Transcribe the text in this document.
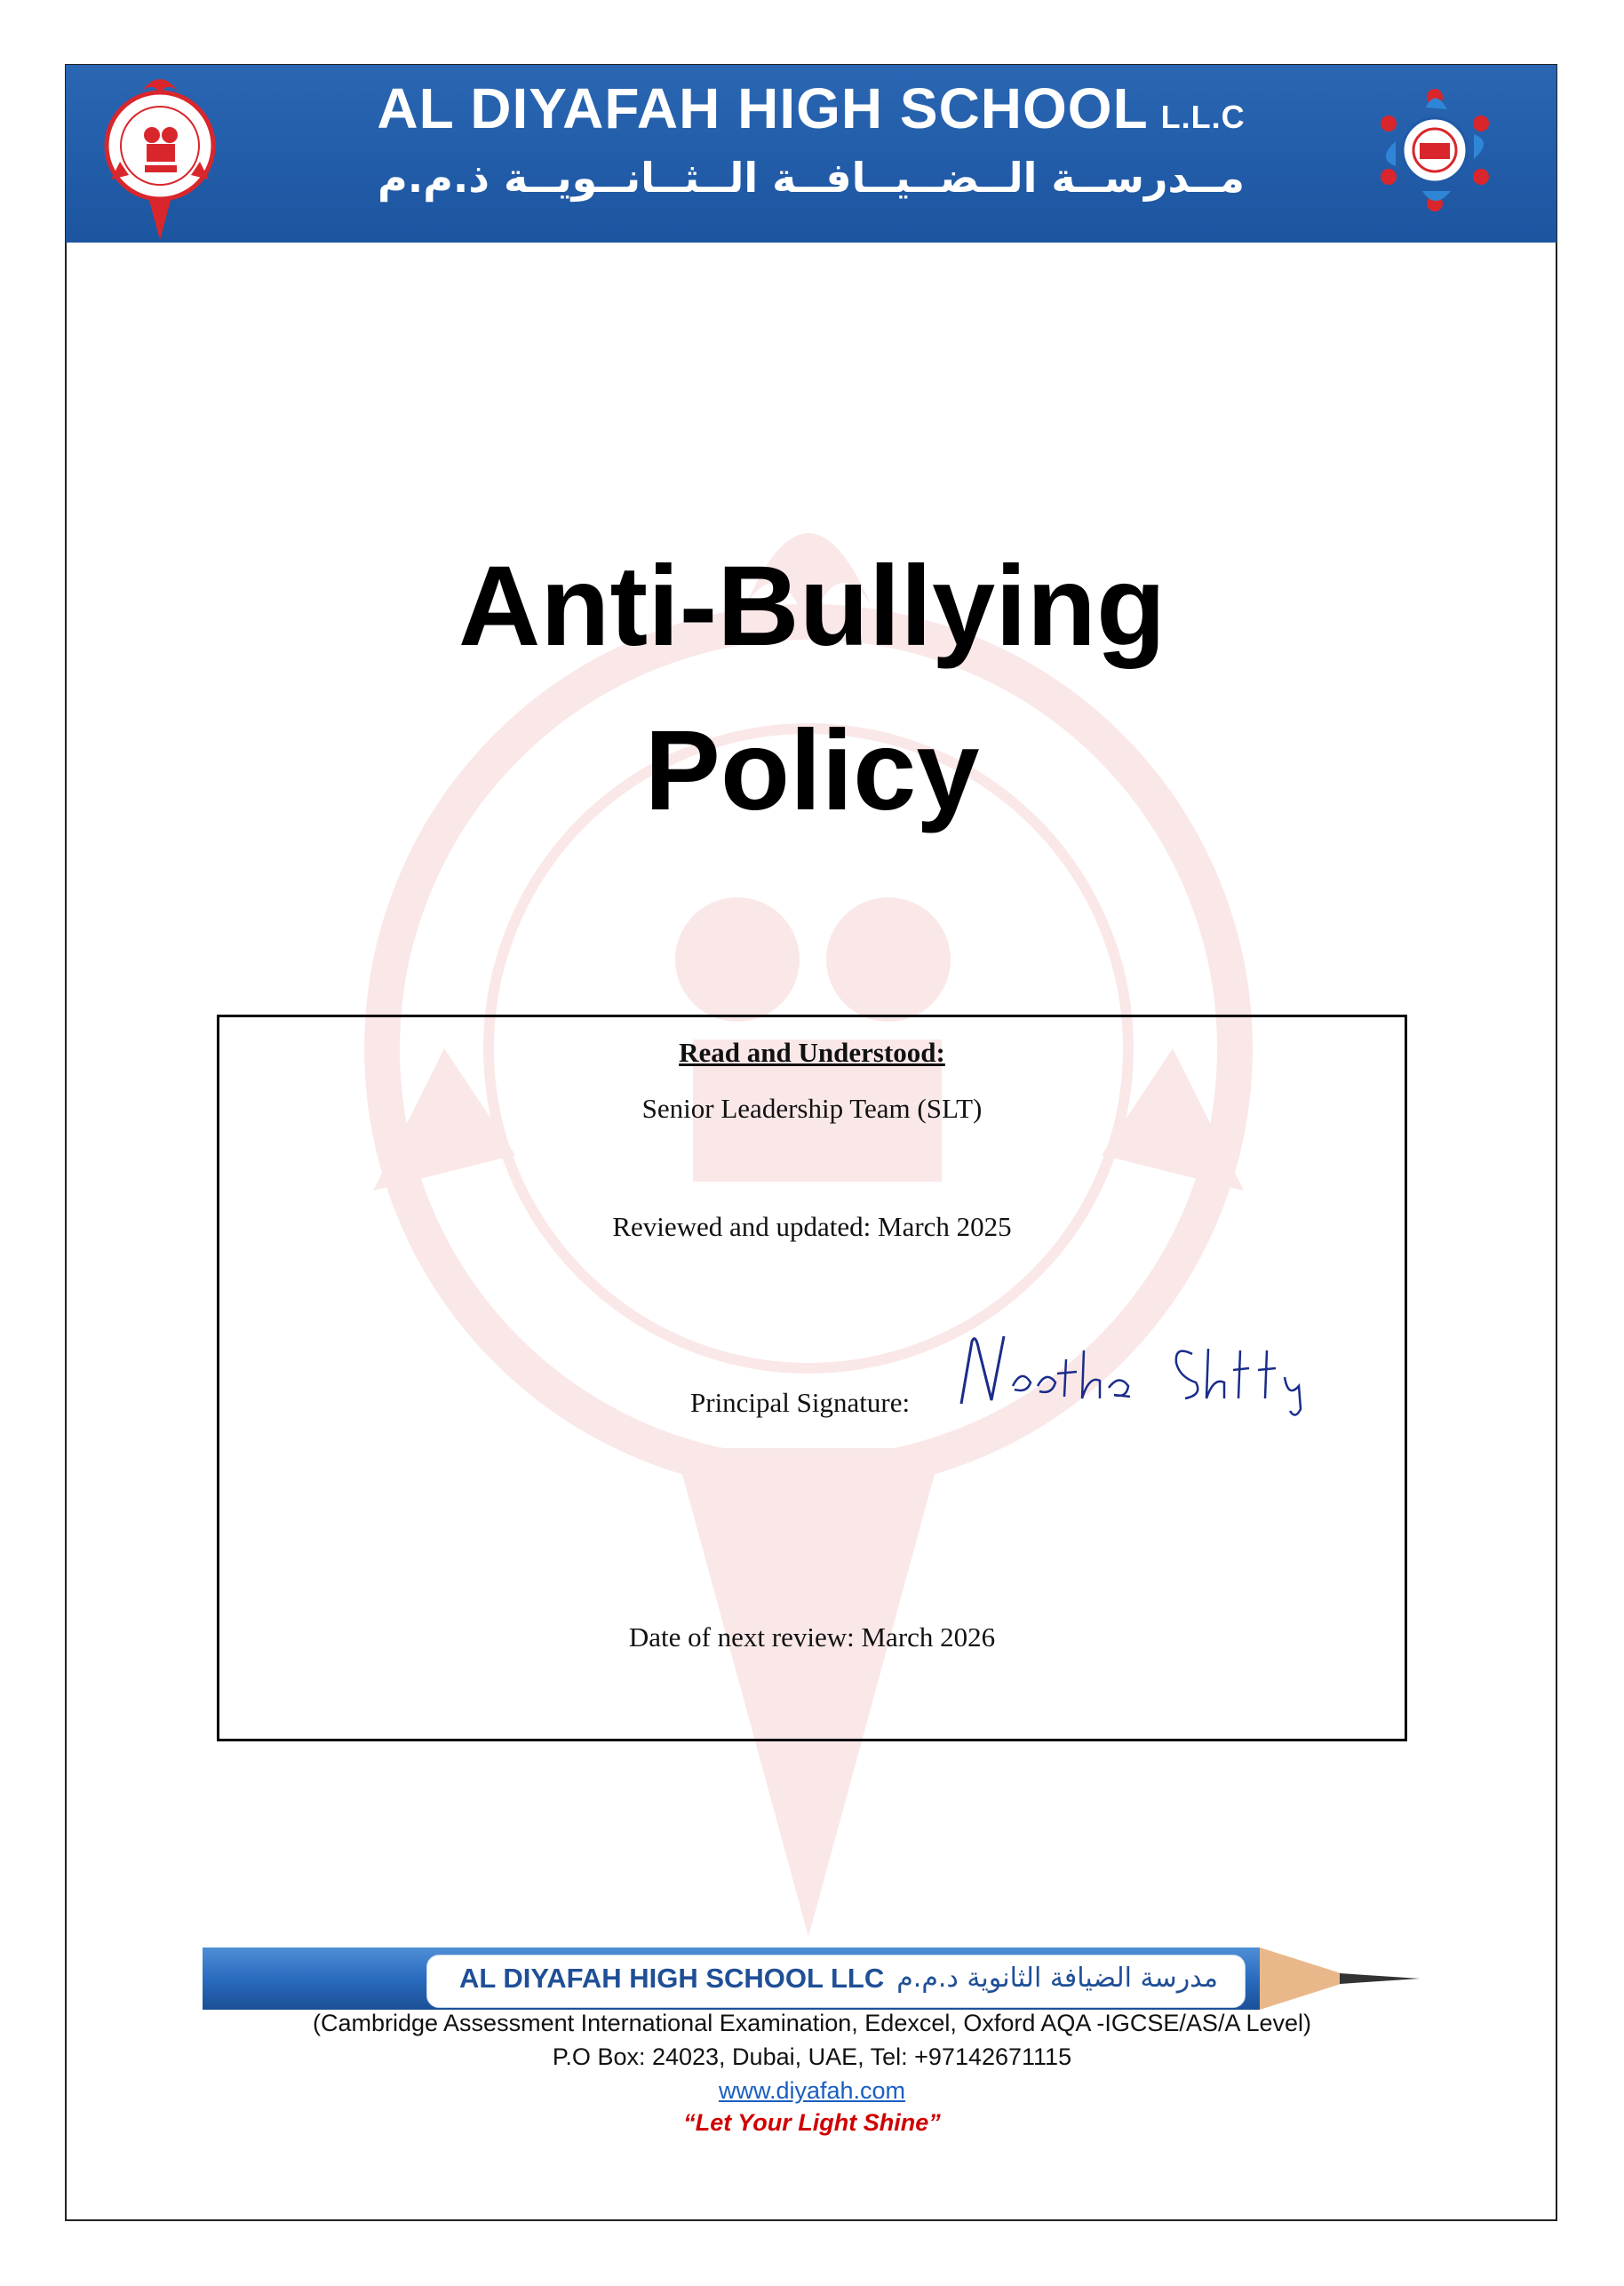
AL DIYAFAH HIGH SCHOOL L.L.C
مــدرســة الــضــيــافــة الــثــانــويــة ذ.م.م
Anti-Bullying
Policy
Read and Understood:
Senior Leadership Team (SLT)
Reviewed and updated: March 2025
Principal Signature:
Date of next review: March 2026
AL DIYAFAH HIGH SCHOOL LLC مدرسة الضيافة الثانوية د.م.م
(Cambridge Assessment International Examination, Edexcel, Oxford AQA -IGCSE/AS/A Level)
P.O Box: 24023, Dubai, UAE, Tel: +97142671115
www.diyafah.com
“Let Your Light Shine”
